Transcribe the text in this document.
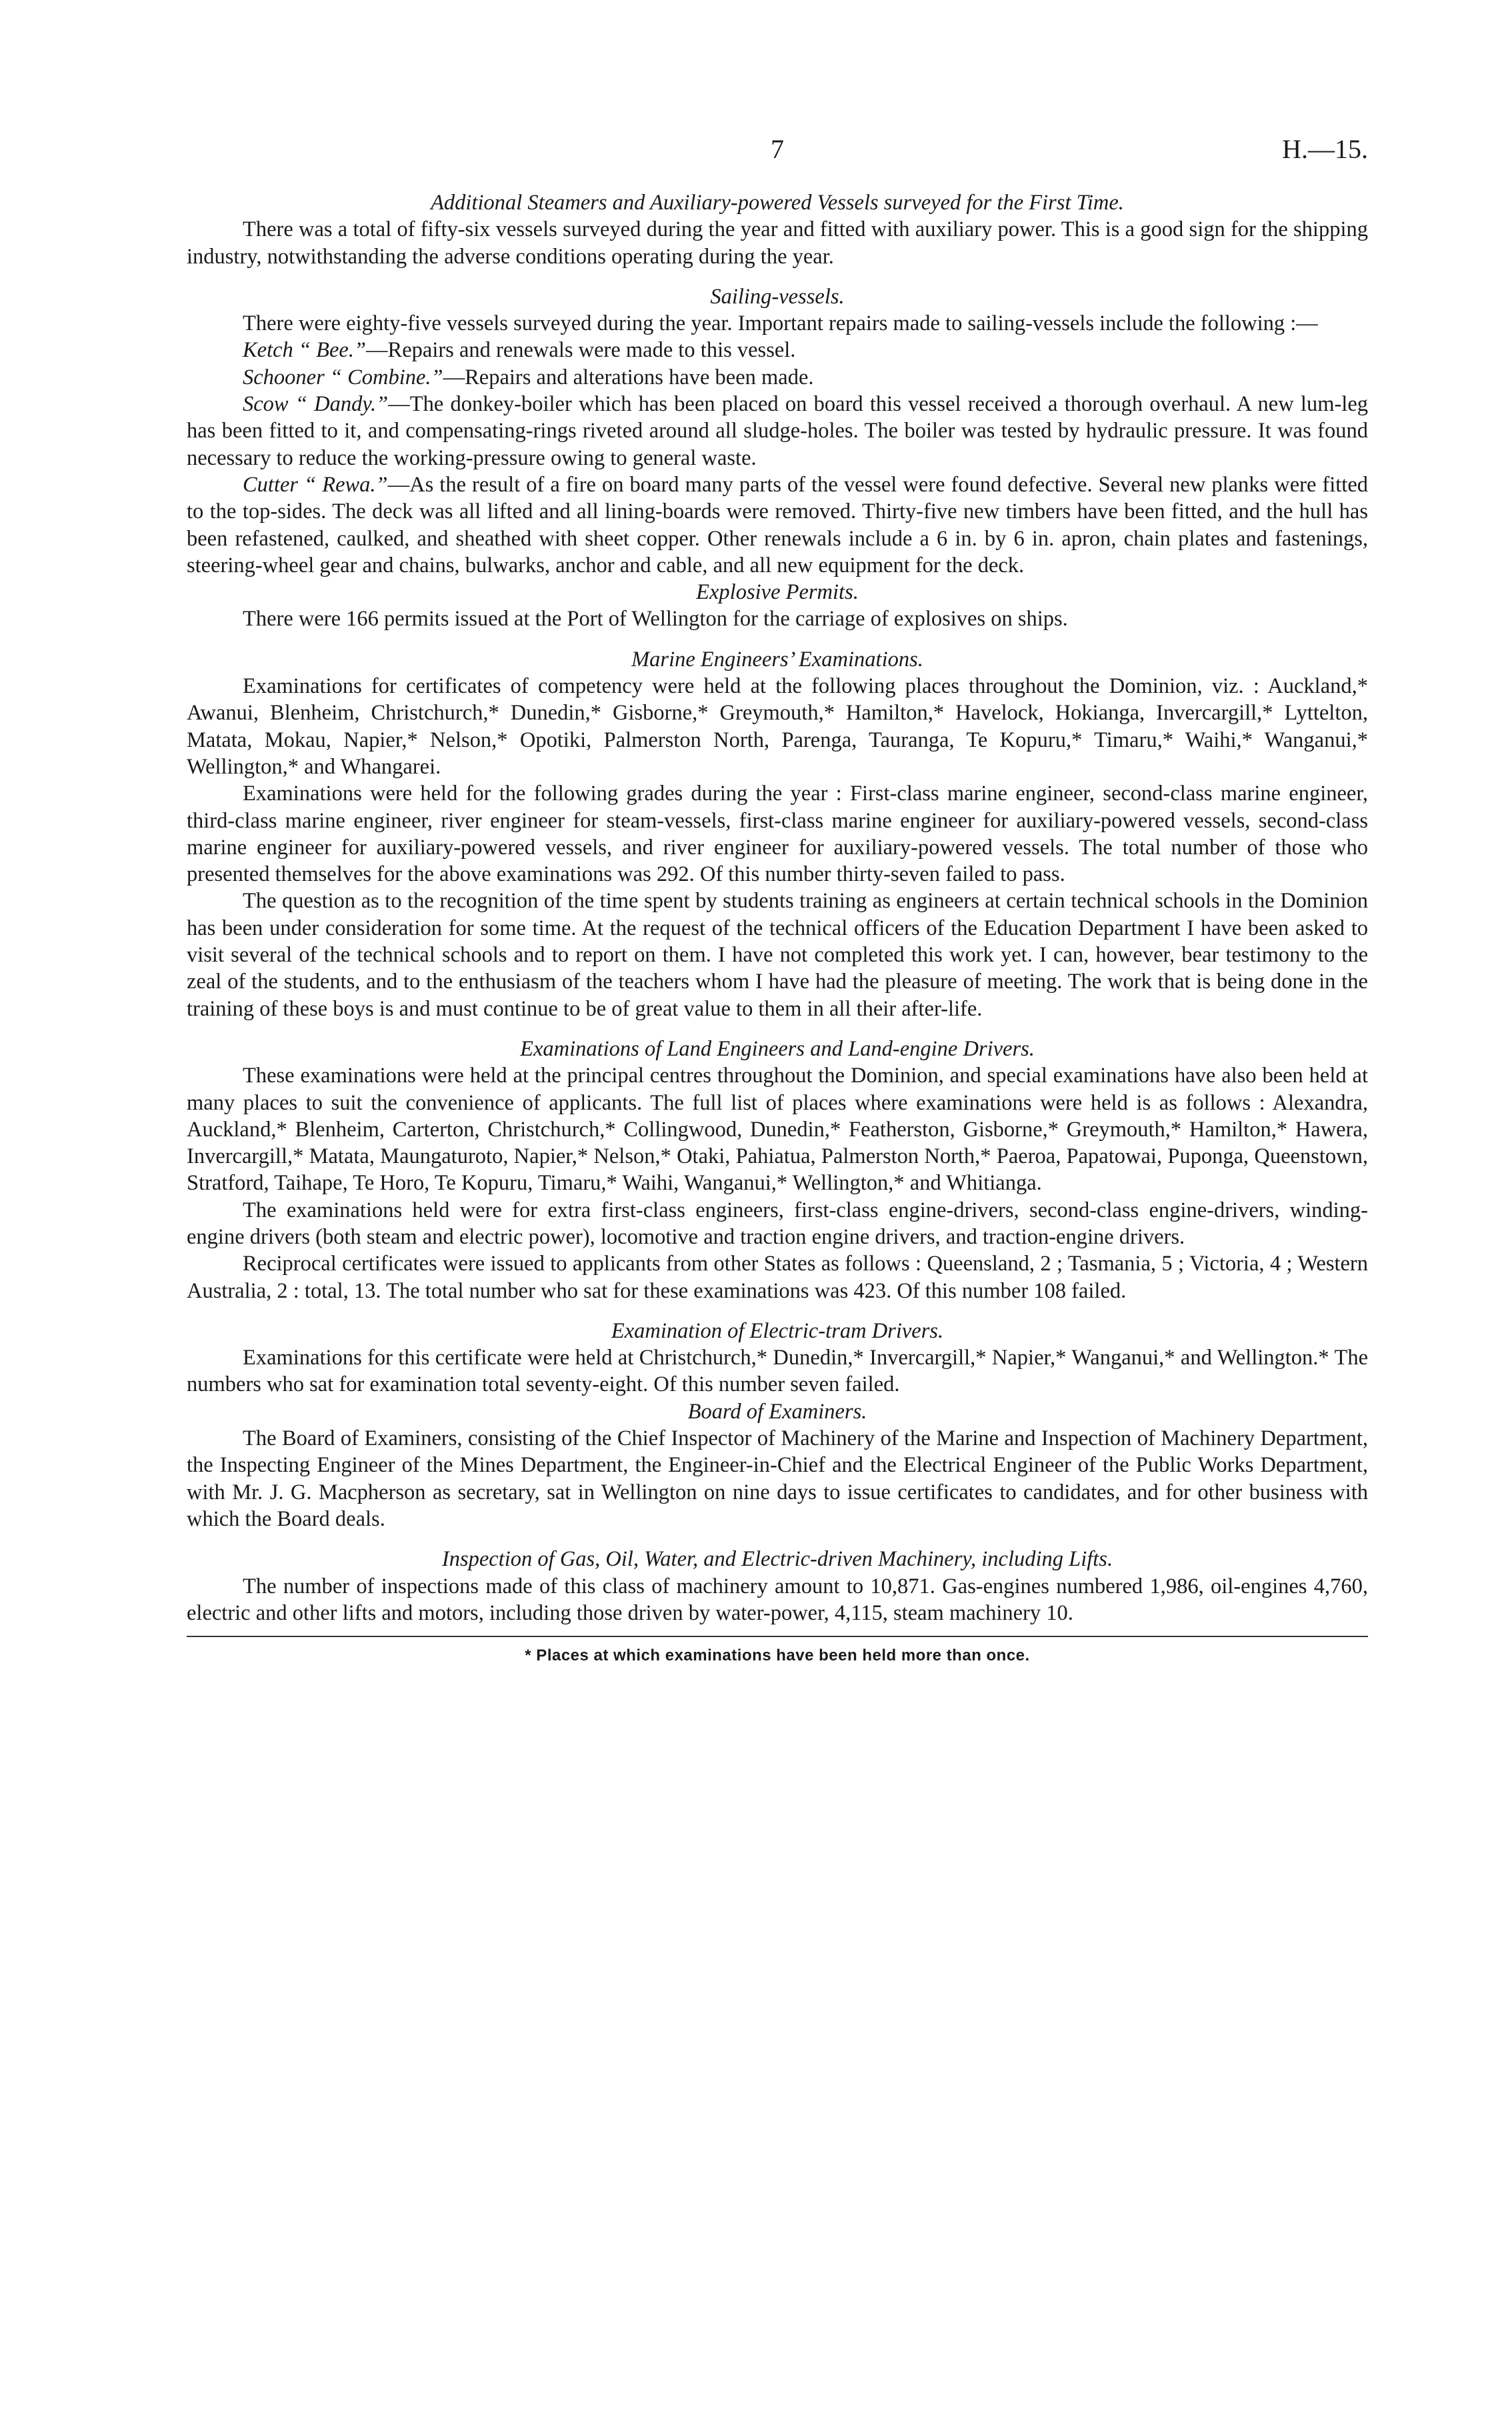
7	H.—15.
Additional Steamers and Auxiliary-powered Vessels surveyed for the First Time.

There was a total of fifty-six vessels surveyed during the year and fitted with auxiliary power. This is a good sign for the shipping industry, notwithstanding the adverse conditions operating during the year.

Sailing-vessels.

There were eighty-five vessels surveyed during the year. Important repairs made to sailing-vessels include the following :—

Ketch “ Bee.”—Repairs and renewals were made to this vessel.

Schooner “ Combine.”—Repairs and alterations have been made.

Scow “ Dandy.”—The donkey-boiler which has been placed on board this vessel received a thorough overhaul. A new lum-leg has been fitted to it, and compensating-rings riveted around all sludge-holes. The boiler was tested by hydraulic pressure. It was found necessary to reduce the working-pressure owing to general waste.

Cutter “ Rewa.”—As the result of a fire on board many parts of the vessel were found defective. Several new planks were fitted to the top-sides. The deck was all lifted and all lining-boards were removed. Thirty-five new timbers have been fitted, and the hull has been refastened, caulked, and sheathed with sheet copper. Other renewals include a 6 in. by 6 in. apron, chain plates and fastenings, steering-wheel gear and chains, bulwarks, anchor and cable, and all new equipment for the deck.

Explosive Permits.

There were 166 permits issued at the Port of Wellington for the carriage of explosives on ships.

Marine Engineers’ Examinations.

Examinations for certificates of competency were held at the following places throughout the Dominion, viz. : Auckland,* Awanui, Blenheim, Christchurch,* Dunedin,* Gisborne,* Greymouth,* Hamilton,* Havelock, Hokianga, Invercargill,* Lyttelton, Matata, Mokau, Napier,* Nelson,* Opotiki, Palmerston North, Parenga, Tauranga, Te Kopuru,* Timaru,* Waihi,* Wanganui,* Wellington,* and Whangarei.

Examinations were held for the following grades during the year : First-class marine engineer, second-class marine engineer, third-class marine engineer, river engineer for steam-vessels, first-class marine engineer for auxiliary-powered vessels, second-class marine engineer for auxiliary-powered vessels, and river engineer for auxiliary-powered vessels. The total number of those who presented themselves for the above examinations was 292. Of this number thirty-seven failed to pass.

The question as to the recognition of the time spent by students training as engineers at certain technical schools in the Dominion has been under consideration for some time. At the request of the technical officers of the Education Department I have been asked to visit several of the technical schools and to report on them. I have not completed this work yet. I can, however, bear testimony to the zeal of the students, and to the enthusiasm of the teachers whom I have had the pleasure of meeting. The work that is being done in the training of these boys is and must continue to be of great value to them in all their after-life.

Examinations of Land Engineers and Land-engine Drivers.

These examinations were held at the principal centres throughout the Dominion, and special examinations have also been held at many places to suit the convenience of applicants. The full list of places where examinations were held is as follows : Alexandra, Auckland,* Blenheim, Carterton, Christchurch,* Collingwood, Dunedin,* Featherston, Gisborne,* Greymouth,* Hamilton,* Hawera, Invercargill,* Matata, Maungaturoto, Napier,* Nelson,* Otaki, Pahiatua, Palmerston North,* Paeroa, Papatowai, Puponga, Queenstown, Stratford, Taihape, Te Horo, Te Kopuru, Timaru,* Waihi, Wanganui,* Wellington,* and Whitianga.

The examinations held were for extra first-class engineers, first-class engine-drivers, second-class engine-drivers, winding-engine drivers (both steam and electric power), locomotive and traction engine drivers, and traction-engine drivers.

Reciprocal certificates were issued to applicants from other States as follows : Queensland, 2 ; Tasmania, 5 ; Victoria, 4 ; Western Australia, 2 : total, 13. The total number who sat for these examinations was 423. Of this number 108 failed.

Examination of Electric-tram Drivers.

Examinations for this certificate were held at Christchurch,* Dunedin,* Invercargill,* Napier,* Wanganui,* and Wellington.* The numbers who sat for examination total seventy-eight. Of this number seven failed.

Board of Examiners.

The Board of Examiners, consisting of the Chief Inspector of Machinery of the Marine and Inspection of Machinery Department, the Inspecting Engineer of the Mines Department, the Engineer-in-Chief and the Electrical Engineer of the Public Works Department, with Mr. J. G. Macpherson as secretary, sat in Wellington on nine days to issue certificates to candidates, and for other business with which the Board deals.

Inspection of Gas, Oil, Water, and Electric-driven Machinery, including Lifts.

The number of inspections made of this class of machinery amount to 10,871. Gas-engines numbered 1,986, oil-engines 4,760, electric and other lifts and motors, including those driven by water-power, 4,115, steam machinery 10.

* Places at which examinations have been held more than once.
